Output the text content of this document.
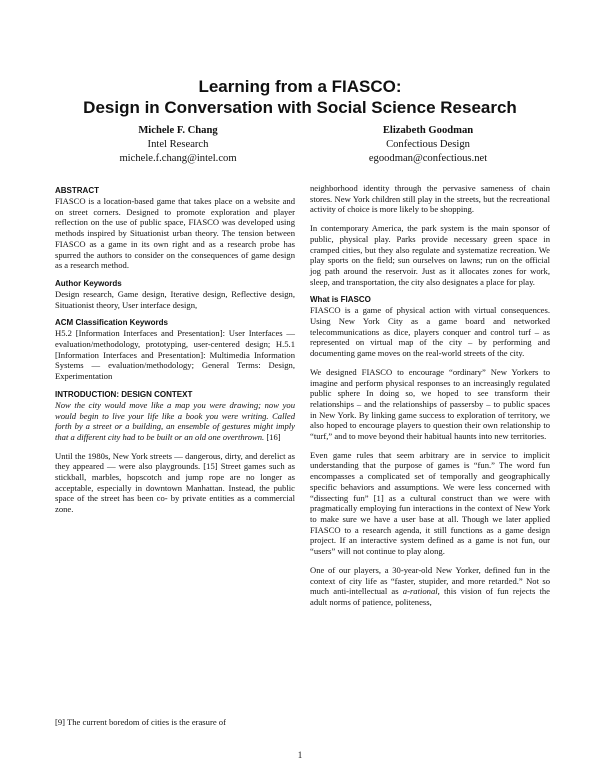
Learning from a FIASCO:
Design in Conversation with Social Science Research
Michele F. Chang
Intel Research
michele.f.chang@intel.com
Elizabeth Goodman
Confectious Design
egoodman@confectious.net
ABSTRACT

FIASCO is a location-based game that takes place on a website and on street corners. Designed to promote exploration and player reflection on the use of public space, FIASCO was developed using methods inspired by Situationist urban theory. The tension between FIASCO as a game in its own right and as a research probe has spurred the authors to consider on the consequences of game design as a research method.

Author Keywords

Design research, Game design, Iterative design, Reflective design, Situationist theory, User interface design,

ACM Classification Keywords

H5.2 [Information Interfaces and Presentation]: User Interfaces — evaluation/methodology, prototyping, user-centered design; H.5.1 [Information Interfaces and Presentation]: Multimedia Information Systems — evaluation/methodology; General Terms: Design, Experimentation

INTRODUCTION: DESIGN CONTEXT

Now the city would move like a map you were drawing; now you would begin to live your life like a book you were writing. Called forth by a street or a building, an ensemble of gestures might imply that a different city had to be built or an old one overthrown. [16]

Until the 1980s, New York streets — dangerous, dirty, and derelict as they appeared — were also playgrounds. [15] Street games such as stickball, marbles, hopscotch and jump rope are no longer as acceptable, especially in downtown Manhattan. Instead, the public space of the street has been co- by private entities as a commercial zone.

[9] The current boredom of cities is the erasure of

neighborhood identity through the pervasive sameness of chain stores. New York children still play in the streets, but the recreational activity of choice is more likely to be shopping.

In contemporary America, the park system is the main sponsor of public, physical play. Parks provide necessary green space in cramped cities, but they also regulate and systematize recreation. We play sports on the field; sun ourselves on lawns; run on the official jog path around the reservoir. Just as it allocates zones for work, sleep, and transportation, the city also designates a place for play.

What is FIASCO

FIASCO is a game of physical action with virtual consequences. Using New York City as a game board and networked telecommunications as dice, players conquer and control turf – as represented on virtual map of the city – by performing and documenting game moves on the real-world streets of the city.

We designed FIASCO to encourage “ordinary” New Yorkers to imagine and perform physical responses to an increasingly regulated public sphere In doing so, we hoped to see transform their relationships – and the relationships of passersby – to public spaces in New York. By linking game success to exploration of territory, we also hoped to encourage players to question their own relationship to “turf,” and to move beyond their habitual haunts into new territories.

Even game rules that seem arbitrary are in service to implicit understanding that the purpose of games is “fun.” The word fun encompasses a complicated set of temporally and geographically specific behaviors and assumptions. We were less concerned with “dissecting fun” [1] as a cultural construct than we were with pragmatically employing fun interactions in the context of New York to make sure we have a user base at all. Though we later applied FIASCO to a research agenda, it still functions as a game design project. If an interactive system defined as a game is not fun, our “users” will not continue to play along.

One of our players, a 30-year-old New Yorker, defined fun in the context of city life as “faster, stupider, and more retarded.” Not so much anti-intellectual as a-rational, this vision of fun rejects the adult norms of patience, politeness,

1
